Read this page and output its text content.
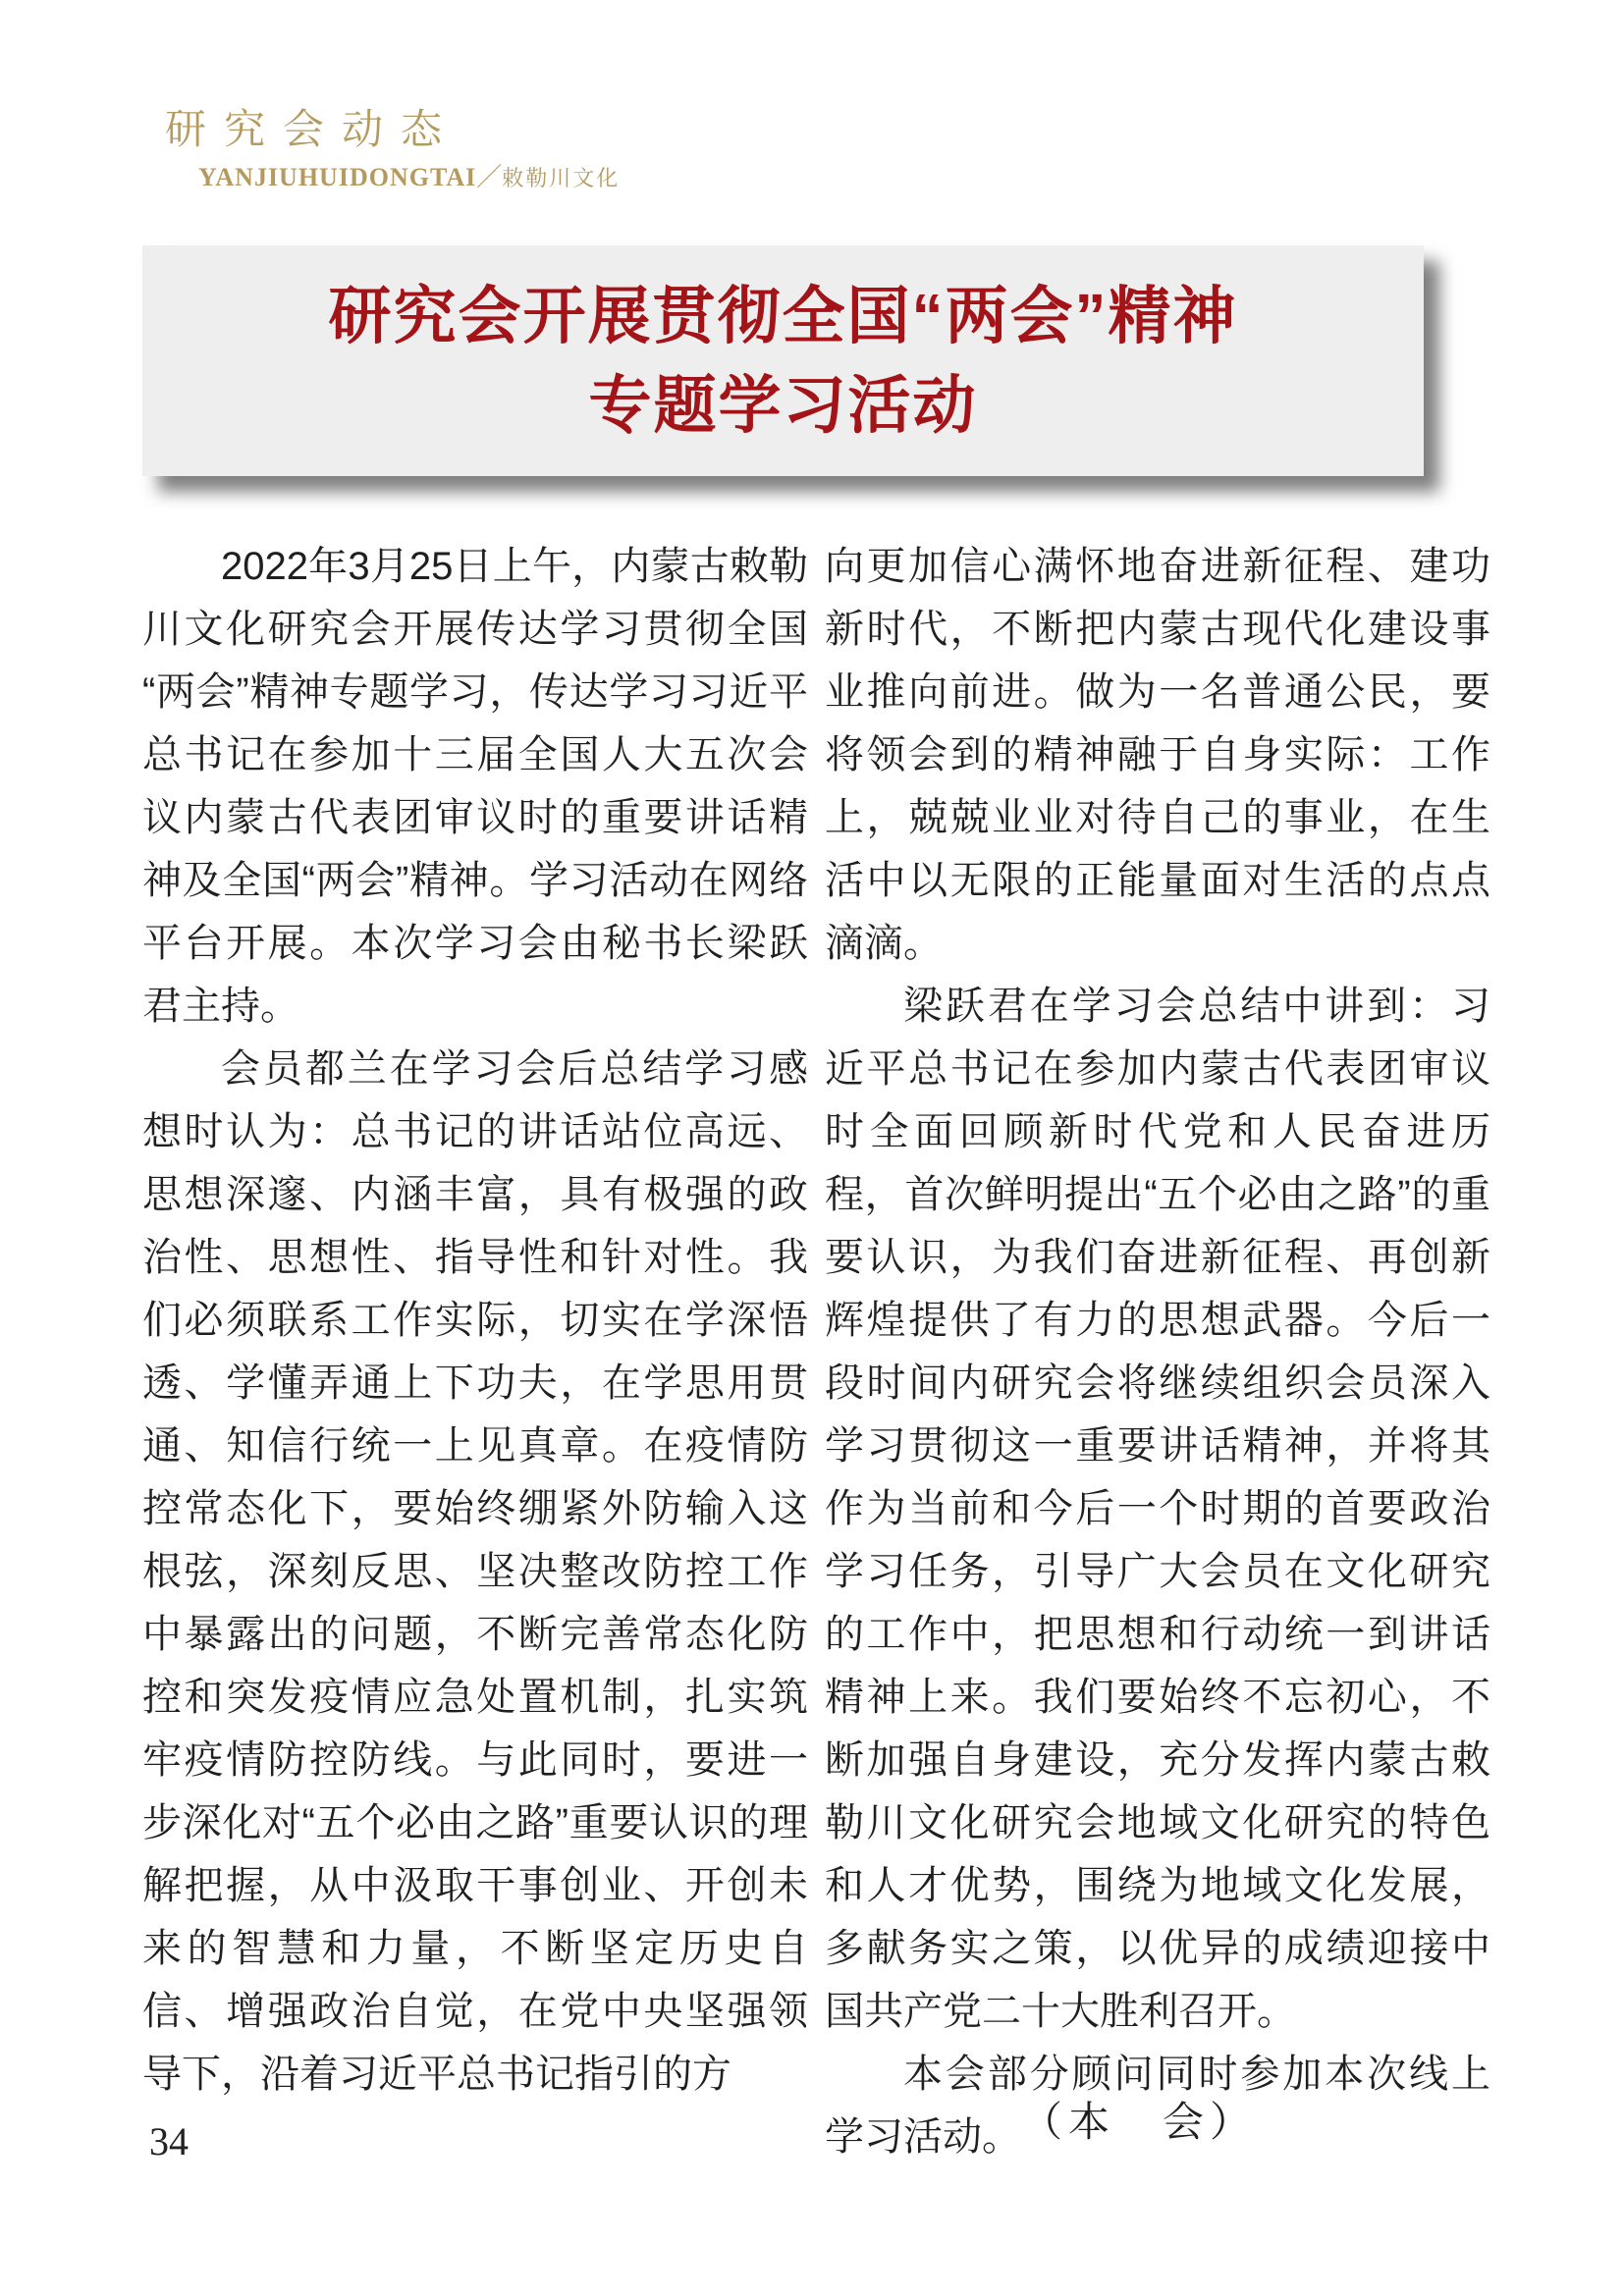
研究会动态
YANJIUHUIDONGTAI／敕勒川文化
研究会开展贯彻全国“两会”精神
专题学习活动

2022年3月25日上午，内蒙古敕勒川文化研究会开展传达学习贯彻全国“两会”精神专题学习，传达学习习近平总书记在参加十三届全国人大五次会议内蒙古代表团审议时的重要讲话精神及全国“两会”精神。学习活动在网络平台开展。本次学习会由秘书长梁跃君主持。

会员都兰在学习会后总结学习感想时认为：总书记的讲话站位高远、思想深邃、内涵丰富，具有极强的政治性、思想性、指导性和针对性。我们必须联系工作实际，切实在学深悟透、学懂弄通上下功夫，在学思用贯通、知信行统一上见真章。在疫情防控常态化下，要始终绷紧外防输入这根弦，深刻反思、坚决整改防控工作中暴露出的问题，不断完善常态化防控和突发疫情应急处置机制，扎实筑牢疫情防控防线。与此同时，要进一步深化对“五个必由之路”重要认识的理解把握，从中汲取干事创业、开创未来的智慧和力量，不断坚定历史自信、增强政治自觉，在党中央坚强领导下，沿着习近平总书记指引的方

向更加信心满怀地奋进新征程、建功新时代，不断把内蒙古现代化建设事业推向前进。做为一名普通公民，要将领会到的精神融于自身实际：工作上，兢兢业业对待自己的事业，在生活中以无限的正能量面对生活的点点滴滴。

梁跃君在学习会总结中讲到：习近平总书记在参加内蒙古代表团审议时全面回顾新时代党和人民奋进历程，首次鲜明提出“五个必由之路”的重要认识，为我们奋进新征程、再创新辉煌提供了有力的思想武器。今后一段时间内研究会将继续组织会员深入学习贯彻这一重要讲话精神，并将其作为当前和今后一个时期的首要政治学习任务，引导广大会员在文化研究的工作中，把思想和行动统一到讲话精神上来。我们要始终不忘初心，不断加强自身建设，充分发挥内蒙古敕勒川文化研究会地域文化研究的特色和人才优势，围绕为地域文化发展，多献务实之策，以优异的成绩迎接中国共产党二十大胜利召开。

本会部分顾问同时参加本次线上学习活动。 （本　会）
34
